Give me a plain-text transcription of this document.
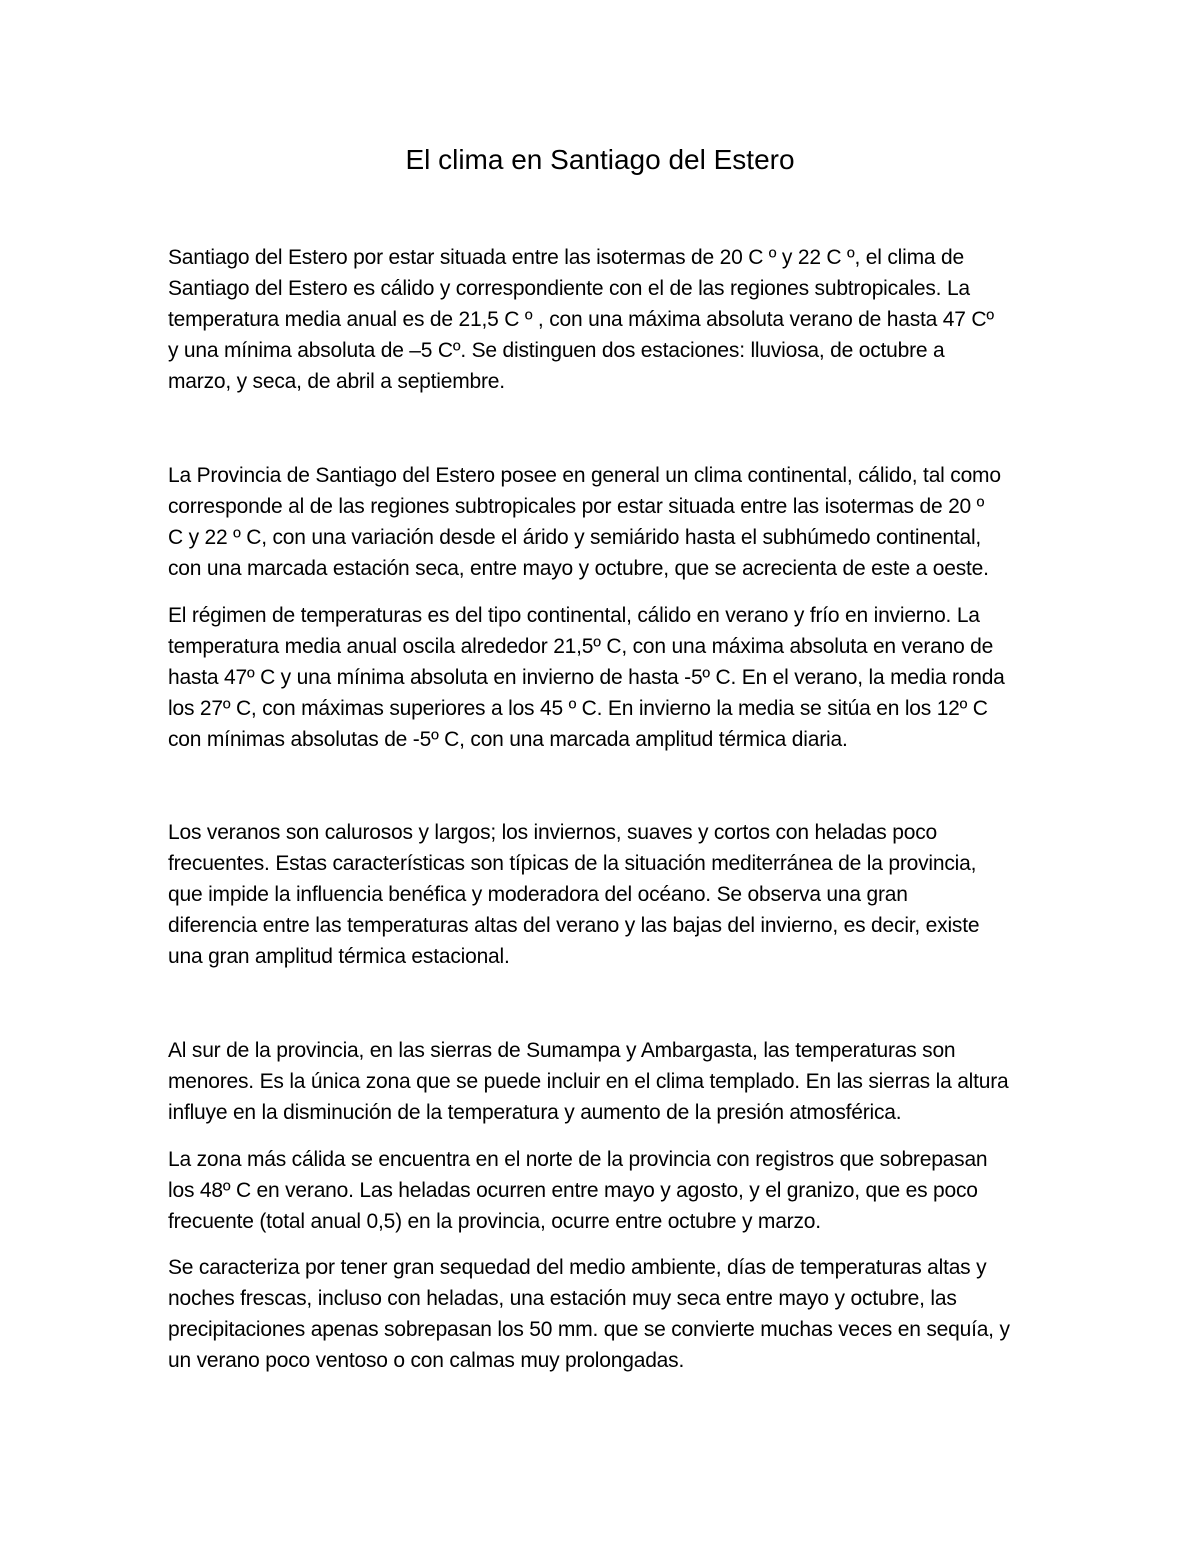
El clima en Santiago del Estero

Santiago del Estero por estar situada entre las isotermas de 20 C º y 22 C º, el clima de
Santiago del Estero es cálido y correspondiente con el de las regiones subtropicales. La
temperatura media anual es de 21,5 C º , con una máxima absoluta verano de hasta 47 Cº
y una mínima absoluta de –5 Cº. Se distinguen dos estaciones: lluviosa, de octubre a
marzo, y seca, de abril a septiembre.

La Provincia de Santiago del Estero posee en general un clima continental, cálido, tal como
corresponde al de las regiones subtropicales por estar situada entre las isotermas de 20 º
C y 22 º C, con una variación desde el árido y semiárido hasta el subhúmedo continental,
con una marcada estación seca, entre mayo y octubre, que se acrecienta de este a oeste.

El régimen de temperaturas es del tipo continental, cálido en verano y frío en invierno. La
temperatura media anual oscila alrededor 21,5º C, con una máxima absoluta en verano de
hasta 47º C y una mínima absoluta en invierno de hasta -5º C. En el verano, la media ronda
los 27º C, con máximas superiores a los 45 º C. En invierno la media se sitúa en los 12º C
con mínimas absolutas de -5º C, con una marcada amplitud térmica diaria.

Los veranos son calurosos y largos; los inviernos, suaves y cortos con heladas poco
frecuentes. Estas características son típicas de la situación mediterránea de la provincia,
que impide la influencia benéfica y moderadora del océano. Se observa una gran
diferencia entre las temperaturas altas del verano y las bajas del invierno, es decir, existe
una gran amplitud térmica estacional.

Al sur de la provincia, en las sierras de Sumampa y Ambargasta, las temperaturas son
menores. Es la única zona que se puede incluir en el clima templado. En las sierras la altura
influye en la disminución de la temperatura y aumento de la presión atmosférica.

La zona más cálida se encuentra en el norte de la provincia con registros que sobrepasan
los 48º C en verano. Las heladas ocurren entre mayo y agosto, y el granizo, que es poco
frecuente (total anual 0,5) en la provincia, ocurre entre octubre y marzo.

Se caracteriza por tener gran sequedad del medio ambiente, días de temperaturas altas y
noches frescas, incluso con heladas, una estación muy seca entre mayo y octubre, las
precipitaciones apenas sobrepasan los 50 mm. que se convierte muchas veces en sequía, y
un verano poco ventoso o con calmas muy prolongadas.
